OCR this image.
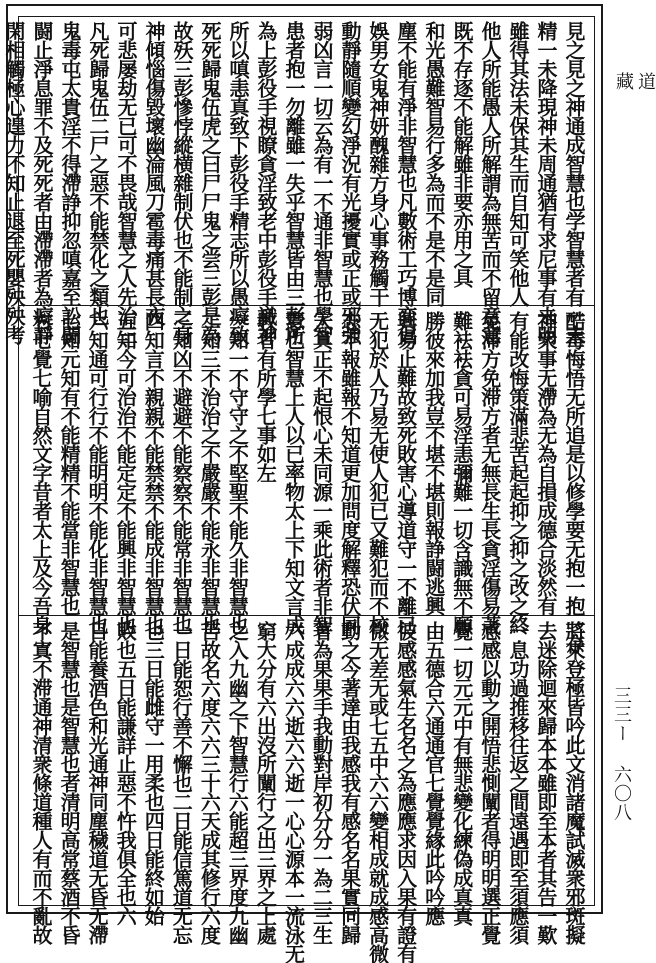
見之見之神通成智慧也学智慧者有一未
精一未降現神未周通猶有求尼事有未明
雖得其法未保其生而自知可笑他人
他人所能愚人所解謂為無苦而不留意意
既不存逐不能解雖非要亦用之具
和光愚難智易行多為而不是不是同
塵不能有淨非智慧也凡數術工巧博弈倡
娛男女鬼神妍醜雜方身心事務觸干
動靜隨順變幻淨況有光擾實或正或邪強
弱凶言一切云為有一不通非智慧也學智
患者抱一勿離雖一失乎智慧皆由三彭所
為上彭役手視瞭貪淫致老中彭役手識神
所以嗔恚真致下彭役手精志所以愚癡致
死死歸鬼伍虎之曰尸尸鬼之尝三彭是為
故殀三彭慘悖縱横雜制伏也不能制之身
神傾惱傷毀壞幽淪風刀雹毒痛甚長夜
可悲屡劫无已可不畏哉智慧之人先治三
凡死歸鬼伍二尸之惡不能禁化之類也
鬼毒屯太貴淫不得滯諍抑忽嗔嘉至訟闘
闘止淨息罪不及死死者由滯滯者為癡靜
閑相觸極心遑力不知止退至死嬰殃殃考
酷毒悔悟无所追是以修學要无抱一抱一存
神衆事无滯為无為自損成德合淡然有
有能改悔策滿悲苦起起抑之抑之改之終
免滞方免滞方者无無長生長貪淫傷易著
難袪袪貪可易淫恚彌難一切含識無不願
勝彼來加我豈不堪不堪則報諍闘逃興
興易止難故致死敗害心導道守一不離已
无犯於人乃易无使人犯已又難犯而不校
志不報雖報不知道更加問度解釋恐伏同
入具正不起恨心未同源一乘此術者非智
慧也智慧上人以已率物太上下知文言成
教者有所學七事如左
一知一不守守之不堅聖不能久非智慧也
二知三不治治之不嚴嚴不能永非智慧也
三知凶不避避不能察察不能常非智慧也
四知言不親親不能禁禁不能成非智慧也
五知今可治治不能定定不能興非智慧也
六知通可行行不能明明不能化非智慧也
七知元知有不能精精不能當非智慧也
右七覺七喻自然文字昔者太上及今吾身
將來登極皆吟此文消諸魔試滅衆邪斑擬
去迷除迴來歸本本雖即至本者其告一歎
一息功過推移往返之間遠遇即至須應須
感感以動之開悟悲惻闡者得明明選正覺
覺一切元元中有無悲變化練偽成真真
由五德合六通通官七覺覺緣此吟吟應
彼感感氣生名名之為應應求因入果有證有
微无差无或七五中六六變相成就成感高微
動之今著達由我感我有感名名果實同歸
著為果果手我動對岸初分分一為二三生
六成成六六逝六六逝一心心源本一流泳无
窮大分有六出沒所闡行之出三界之上處
之入九幽之下智慧行六能超三界度九幽
苦故名六度六六三十六天成其修行六度
一日能恕行善不懈也二日能信篤道无忘
也三日能雌守一用柔也四日能終如始
敗也五日能謙詳止惡不忤我俱全也六
日能養酒色和光通神同塵穢道无昏无滯
是智慧也是智慧也者清明高常蔡酒不昏
不寘不滞通神清衆條道種人有而不亂故
道
藏
三三ー 六〇八
